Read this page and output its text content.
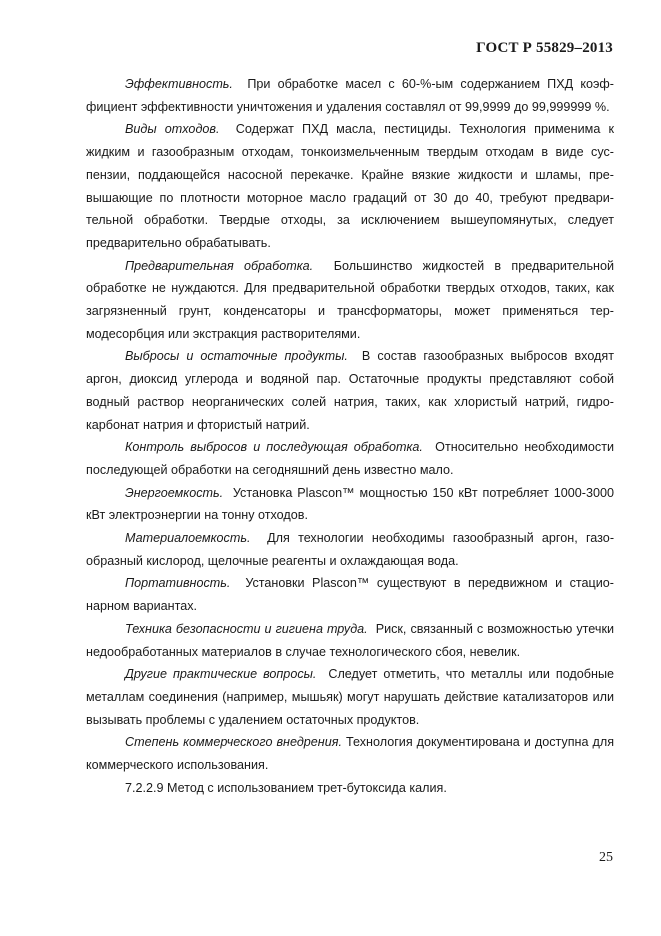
ГОСТ Р 55829–2013

Эффективность. При обработке масел с 60-%-ым содержанием ПХД коэффициент эффективности уничтожения и удаления составлял от 99,9999 до 99,999999 %.

Виды отходов. Содержат ПХД масла, пестициды. Технология применима к жидким и газообразным отходам, тонкоизмельченным твердым отходам в виде суспензии, поддающейся насосной перекачке. Крайне вязкие жидкости и шламы, превышающие по плотности моторное масло градаций от 30 до 40, требуют предварительной обработки. Твердые отходы, за исключением вышеупомянутых, следует предварительно обрабатывать.

Предварительная обработка. Большинство жидкостей в предварительной обработке не нуждаются. Для предварительной обработки твердых отходов, таких, как загрязненный грунт, конденсаторы и трансформаторы, может применяться термодесорбция или экстракция растворителями.

Выбросы и остаточные продукты. В состав газообразных выбросов входят аргон, диоксид углерода и водяной пар. Остаточные продукты представляют собой водный раствор неорганических солей натрия, таких, как хлористый натрий, гидрокарбонат натрия и фтористый натрий.

Контроль выбросов и последующая обработка. Относительно необходимости последующей обработки на сегодняшний день известно мало.

Энергоемкость. Установка Plascon™ мощностью 150 кВт потребляет 1000-3000 кВт электроэнергии на тонну отходов.

Материалоемкость. Для технологии необходимы газообразный аргон, газообразный кислород, щелочные реагенты и охлаждающая вода.

Портативность. Установки Plascon™ существуют в передвижном и стационарном вариантах.

Техника безопасности и гигиена труда. Риск, связанный с возможностью утечки недообработанных материалов в случае технологического сбоя, невелик.

Другие практические вопросы. Следует отметить, что металлы или подобные металлам соединения (например, мышьяк) могут нарушать действие катализаторов или вызывать проблемы с удалением остаточных продуктов.

Степень коммерческого внедрения. Технология документирована и доступна для коммерческого использования.

7.2.2.9 Метод с использованием трет-бутоксида калия.

25
